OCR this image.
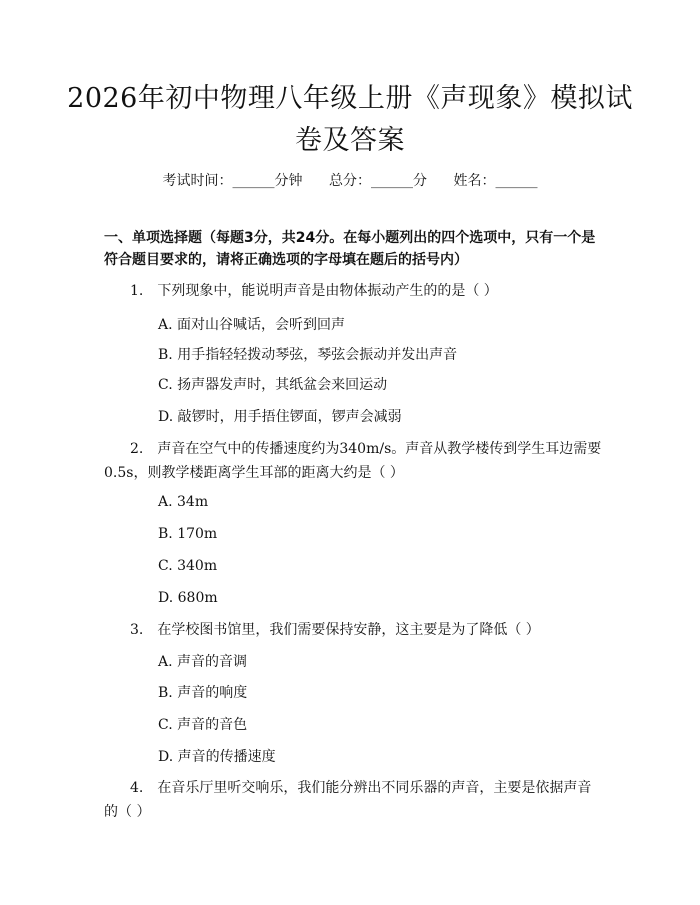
2026年初中物理八年级上册《声现象》模拟试卷及答案
考试时间：______分钟 总分：______分 姓名：______
一、单项选择题（每题3分，共24分。在每小题列出的四个选项中，只有一个是符合题目要求的，请将正确选项的字母填在题后的括号内）
1.　下列现象中，能说明声音是由物体振动产生的的是（ ）
A. 面对山谷喊话，会听到回声
B. 用手指轻轻拨动琴弦，琴弦会振动并发出声音
C. 扬声器发声时，其纸盆会来回运动
D. 敲锣时，用手捂住锣面，锣声会减弱
2.　声音在空气中的传播速度约为340m/s。声音从教学楼传到学生耳边需要0.5s，则教学楼距离学生耳部的距离大约是（ ）
A. 34m
B. 170m
C. 340m
D. 680m
3.　在学校图书馆里，我们需要保持安静，这主要是为了降低（ ）
A. 声音的音调
B. 声音的响度
C. 声音的音色
D. 声音的传播速度
4.　在音乐厅里听交响乐，我们能分辨出不同乐器的声音，主要是依据声音的（ ）
